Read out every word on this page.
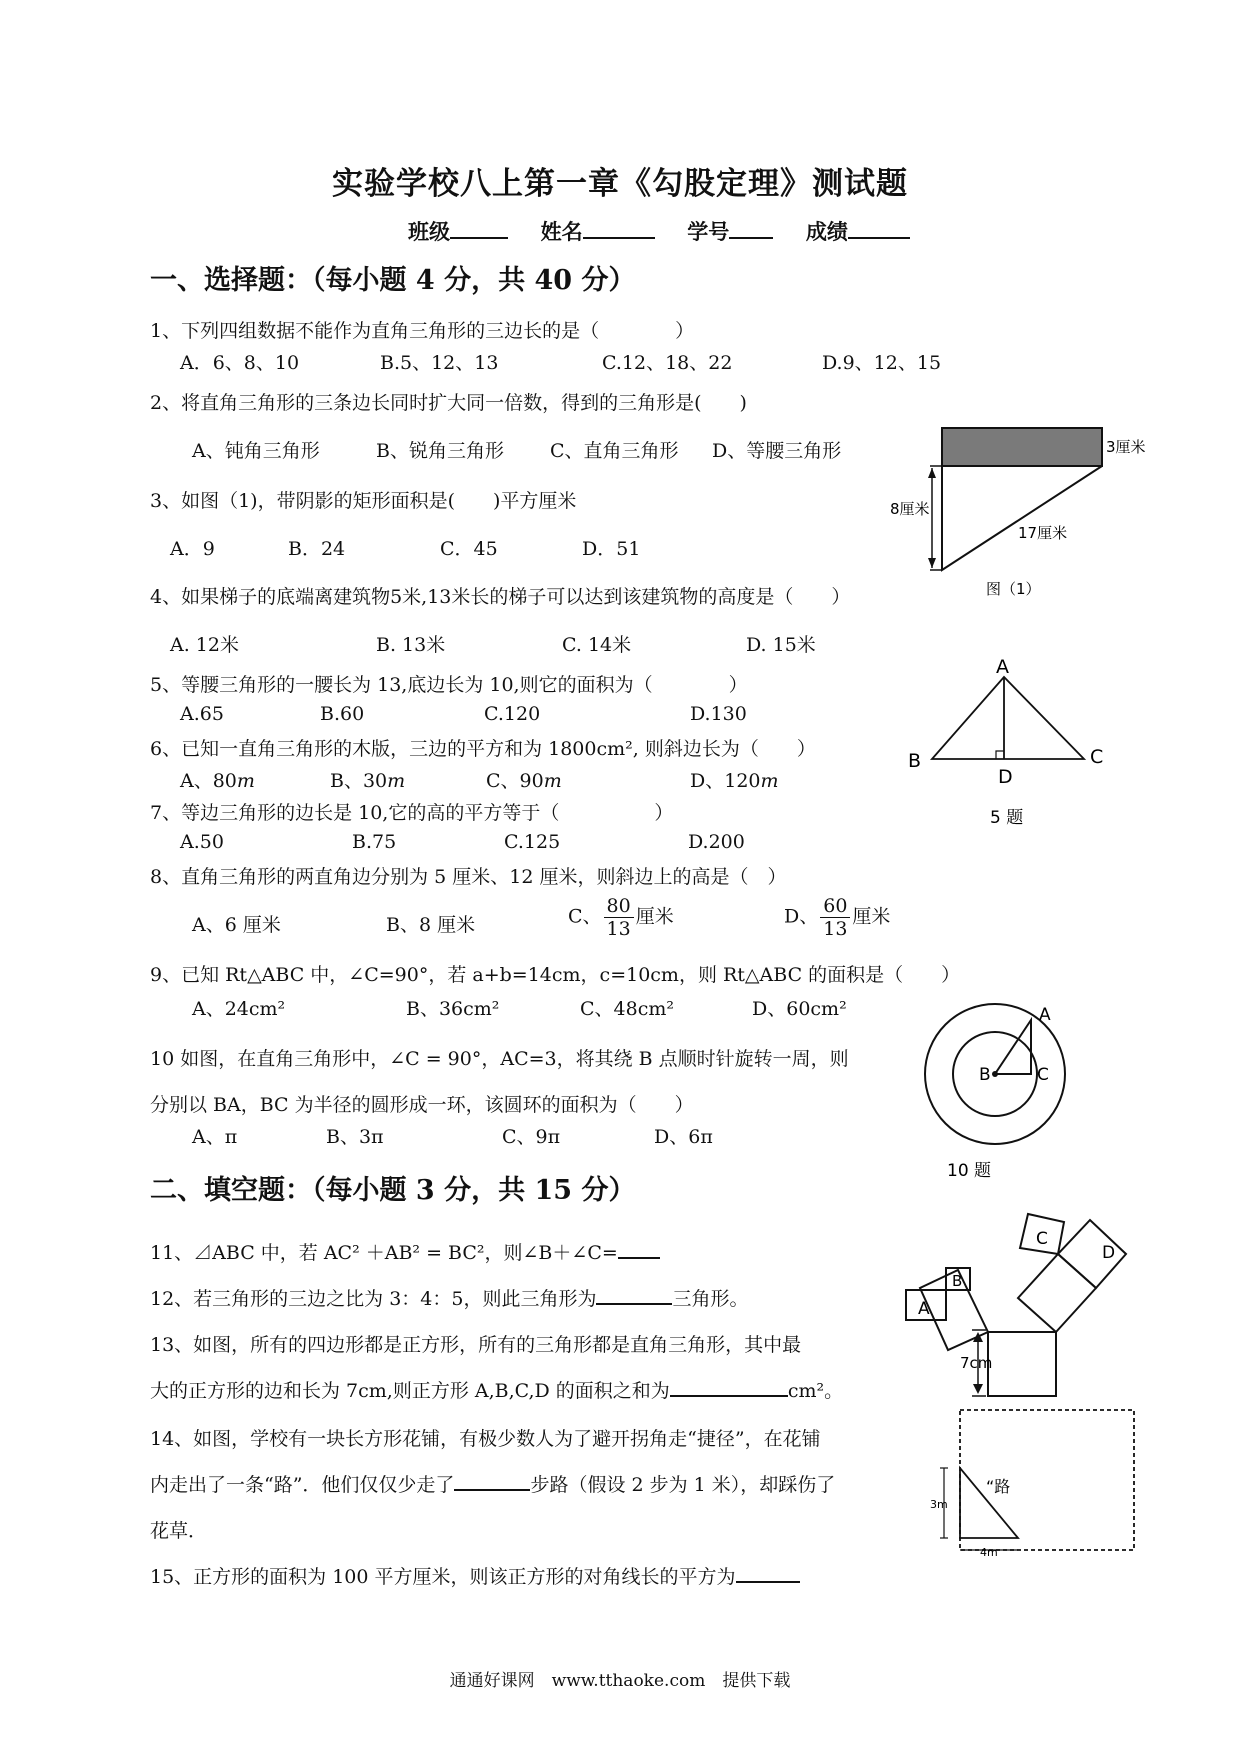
实验学校八上第一章《勾股定理》测试题
班级	姓名	学号	成绩
一、选择题：（每小题 4 分，共 40 分）
1、下列四组数据不能作为直角三角形的三边长的是（　　　　）
A．6、8、10	B.5、12、13	C.12、18、22	D.9、12、15
2、将直角三角形的三条边长同时扩大同一倍数，得到的三角形是(　　)
A、钝角三角形	B、锐角三角形 C、直角三角形 D、等腰三角形
3、如图（1)，带阴影的矩形面积是(　　)平方厘米
A．9	B．24	C．45	D．51
4、如果梯子的底端离建筑物5米,13米长的梯子可以达到该建筑物的高度是（　　）
A. 12米	B. 13米	C. 14米	D. 15米
5、等腰三角形的一腰长为 13,底边长为 10,则它的面积为（　　　　）
A.65	B.60	C.120	D.130
6、已知一直角三角形的木版，三边的平方和为 1800cm², 则斜边长为（　　）
A、80m	B、30m	C、90m	D、120m
7、等边三角形的边长是 10,它的高的平方等于（　　　　　）
A.50	B.75	C.125	D.200
8、直角三角形的两直角边分别为 5 厘米、12 厘米，则斜边上的高是（　）
A、6 厘米	B、8 厘米	C、 $\frac{80}{13}$ 厘米	D、 $\frac{60}{13}$ 厘米
9、已知 Rt△ABC 中，∠C=90°，若 a+b=14cm，c=10cm，则 Rt△ABC 的面积是（　　）
A、24cm²	B、36cm²	C、48cm²	D、60cm²
10 如图，在直角三角形中，∠C = 90°，AC=3，将其绕 B 点顺时针旋转一周，则
分别以 BA，BC 为半径的圆形成一环，该圆环的面积为（　　）
A、π	B、3π	C、9π	D、6π
二、填空题：（每小题 3 分，共 15 分）
11、⊿ABC 中，若 AC² ＋AB² = BC²，则∠B＋∠C=
12、若三角形的三边之比为 3：4：5，则此三角形为	三角形。
13、如图，所有的四边形都是正方形，所有的三角形都是直角三角形，其中最
大的正方形的边和长为 7cm,则正方形 A,B,C,D 的面积之和为	cm²。
14、如图，学校有一块长方形花铺，有极少数人为了避开拐角走“捷径”，在花铺
内走出了一条“路”．他们仅仅少走了	步路（假设 2 步为 1 米），却踩伤了
花草．
15、正方形的面积为 100 平方厘米，则该正方形的对角线长的平方为
3厘米
8厘米
17厘米
图（1）
A
B	C
D
5 题
A
B	C
10 题
A
B
C
D
7cm
3m
4m
“路
通通好课网　www.tthaoke.com　提供下载
